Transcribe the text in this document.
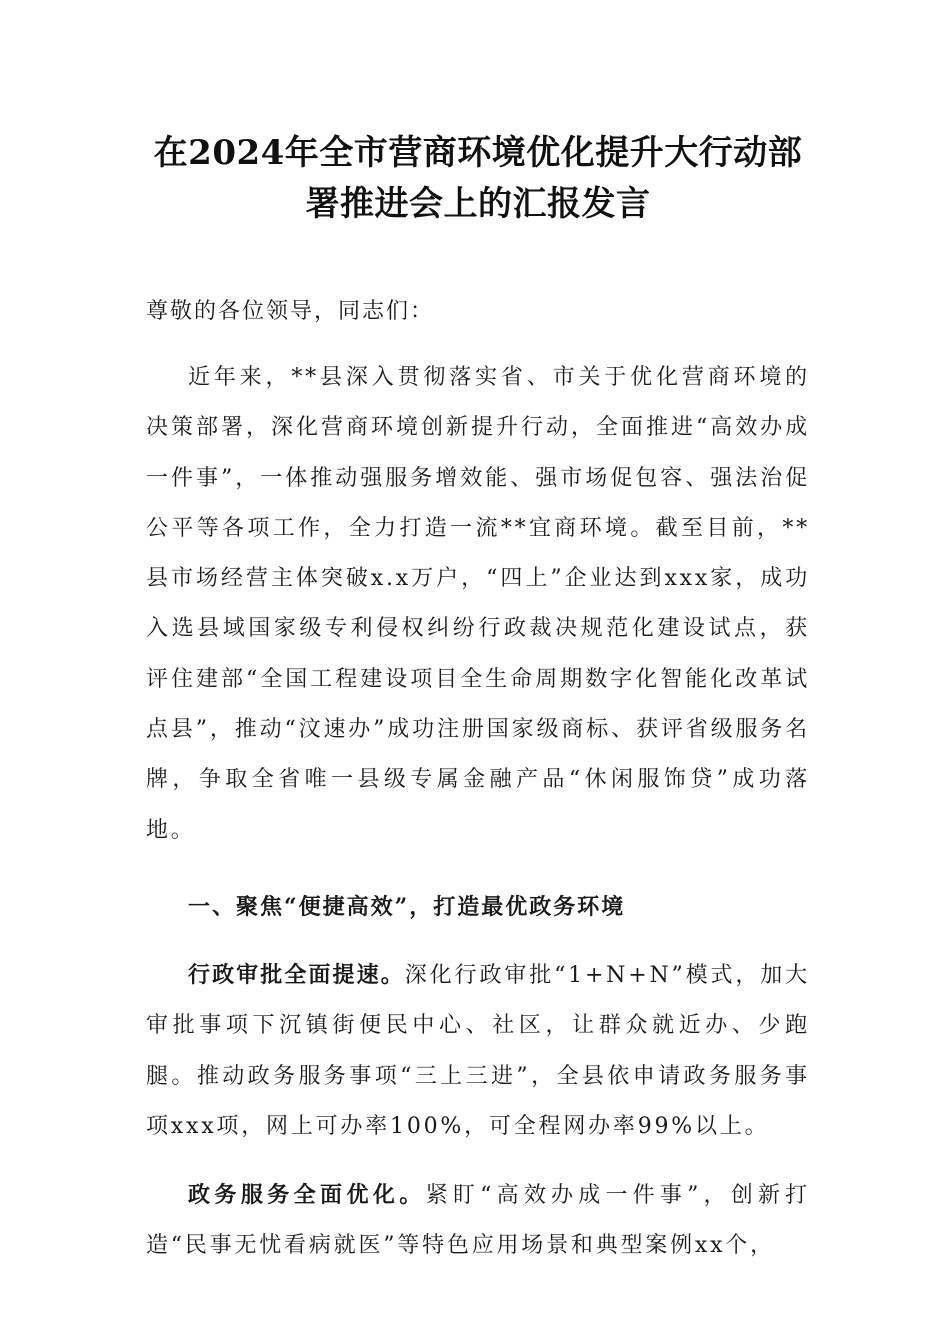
在2024年全市营商环境优化提升大行动部
署推进会上的汇报发言
尊敬的各位领导，同志们：

近年来，**县深入贯彻落实省、市关于优化营商环境的决策部署，深化营商环境创新提升行动，全面推进“高效办成一件事”，一体推动强服务增效能、强市场促包容、强法治促公平等各项工作，全力打造一流**宜商环境。截至目前，**县市场经营主体突破x.x万户，“四上”企业达到xxx家，成功入选县域国家级专利侵权纠纷行政裁决规范化建设试点，获评住建部“全国工程建设项目全生命周期数字化智能化改革试点县”，推动“汶速办”成功注册国家级商标、获评省级服务名牌，争取全省唯一县级专属金融产品“休闲服饰贷”成功落地。

一、聚焦“便捷高效”，打造最优政务环境

行政审批全面提速。深化行政审批“1+N+N”模式，加大审批事项下沉镇街便民中心、社区，让群众就近办、少跑腿。推动政务服务事项“三上三进”，全县依申请政务服务事项xxx项，网上可办率100%，可全程网办率99%以上。

政务服务全面优化。紧盯“高效办成一件事”，创新打造“民事无忧看病就医”等特色应用场景和典型案例xx个，
